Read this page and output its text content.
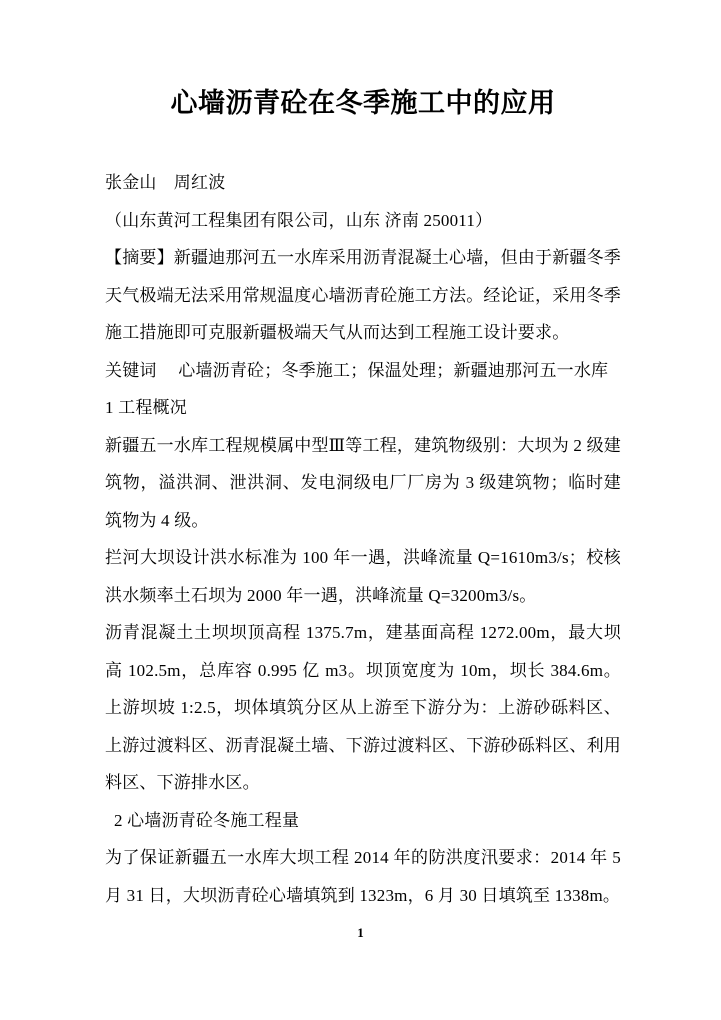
心墙沥青砼在冬季施工中的应用

张金山　周红波

（山东黄河工程集团有限公司，山东 济南 250011）

【摘要】新疆迪那河五一水库采用沥青混凝土心墙，但由于新疆冬季天气极端无法采用常规温度心墙沥青砼施工方法。经论证，采用冬季施工措施即可克服新疆极端天气从而达到工程施工设计要求。

关键词　 心墙沥青砼；冬季施工；保温处理；新疆迪那河五一水库

1 工程概况

新疆五一水库工程规模属中型Ⅲ等工程，建筑物级别：大坝为 2 级建筑物，溢洪洞、泄洪洞、发电洞级电厂厂房为 3 级建筑物；临时建筑物为 4 级。

拦河大坝设计洪水标准为 100 年一遇，洪峰流量 Q=1610m3/s；校核洪水频率土石坝为 2000 年一遇，洪峰流量 Q=3200m3/s。

沥青混凝土土坝坝顶高程 1375.7m，建基面高程 1272.00m，最大坝高 102.5m，总库容 0.995 亿 m3。坝顶宽度为 10m，坝长 384.6m。上游坝坡 1:2.5，坝体填筑分区从上游至下游分为：上游砂砾料区、上游过渡料区、沥青混凝土墙、下游过渡料区、下游砂砾料区、利用料区、下游排水区。

2 心墙沥青砼冬施工程量

为了保证新疆五一水库大坝工程 2014 年的防洪度汛要求：2014 年 5 月 31 日，大坝沥青砼心墙填筑到 1323m，6 月 30 日填筑至 1338m。

1
